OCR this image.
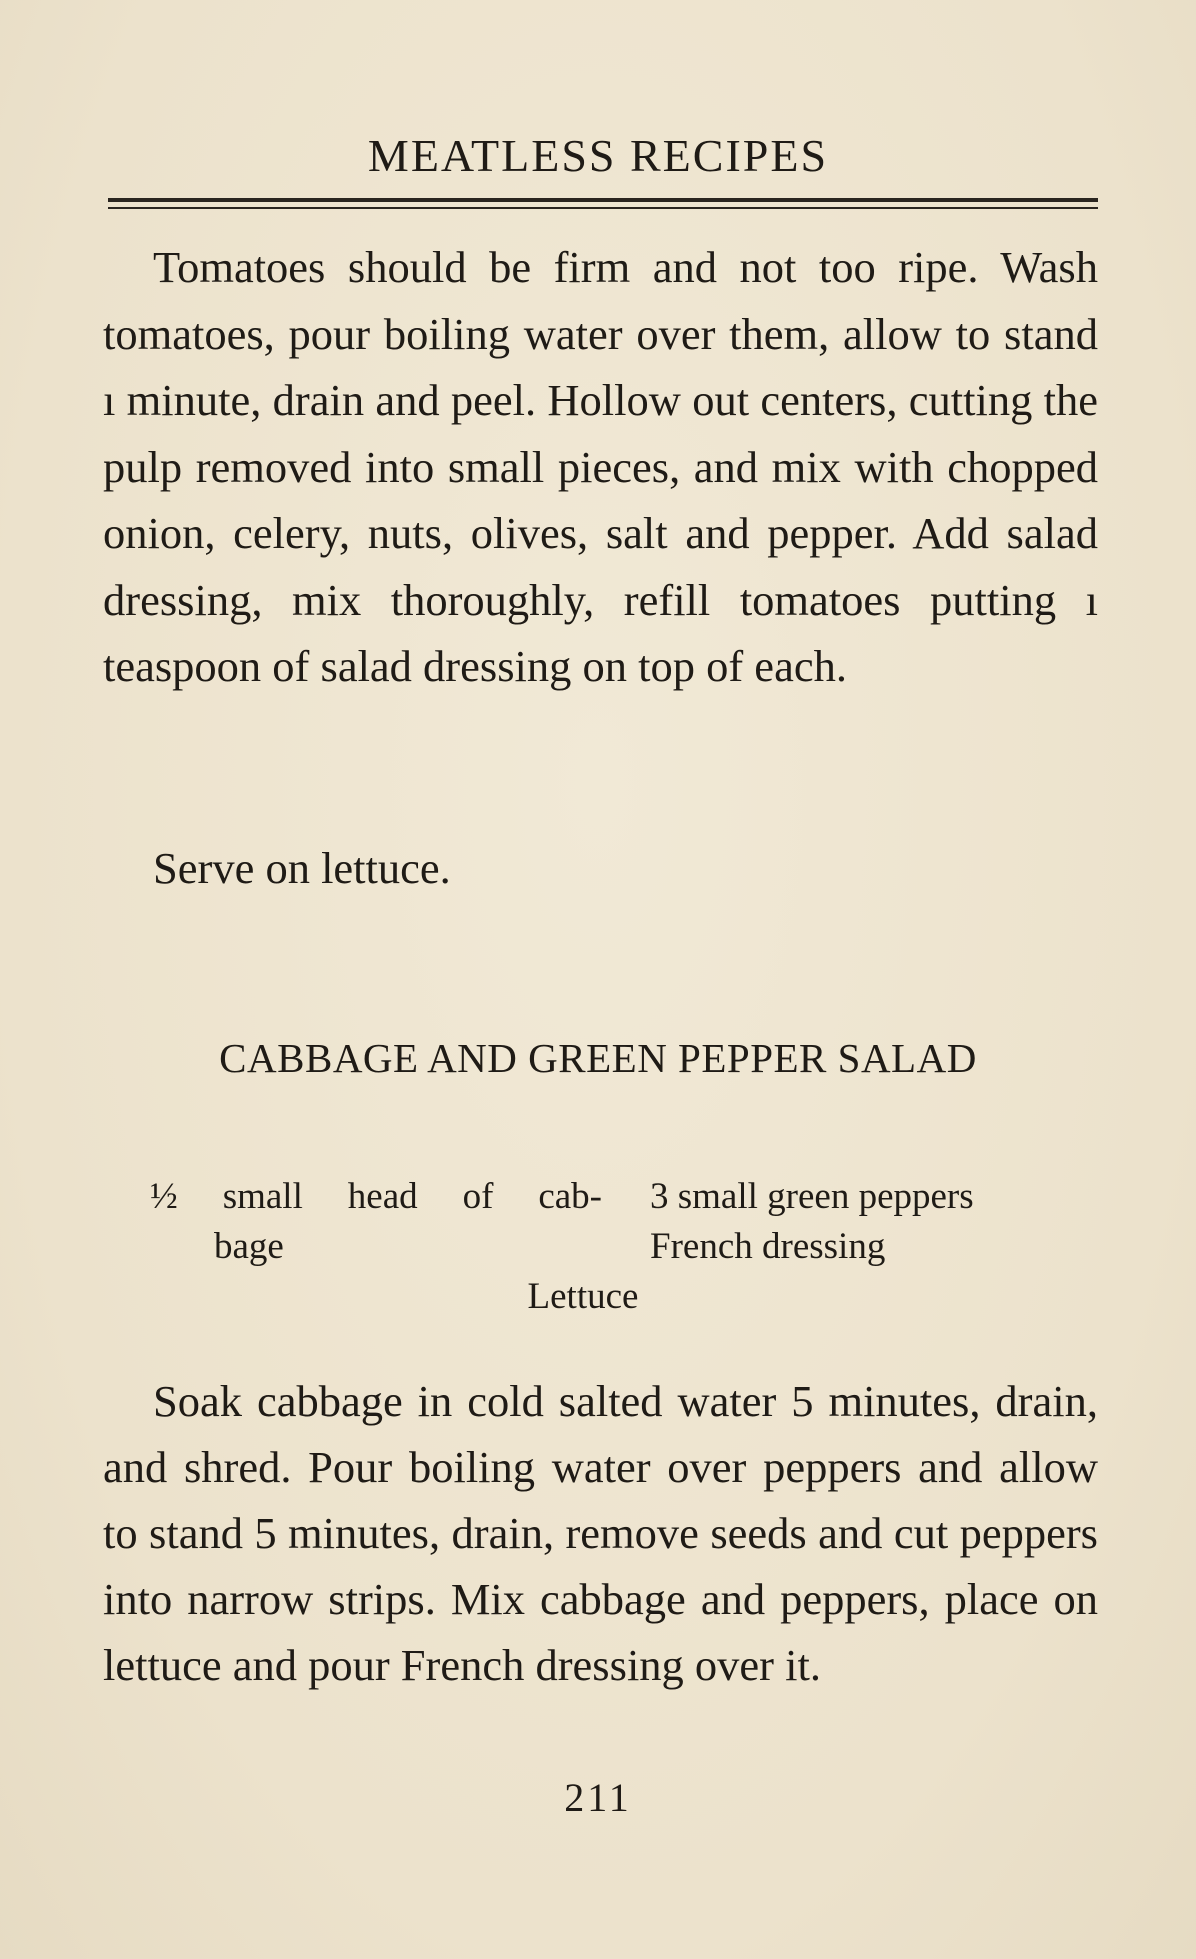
MEATLESS RECIPES

Tomatoes should be firm and not too ripe. Wash tomatoes, pour boiling water over them, allow to stand ı minute, drain and peel. Hollow out centers, cutting the pulp removed into small pieces, and mix with chopped onion, celery, nuts, olives, salt and pepper. Add salad dressing, mix thoroughly, refill tomatoes putting ı teaspoon of salad dressing on top of each.

Serve on lettuce.

CABBAGE AND GREEN PEPPER SALAD

½ small head of cab-

bage

3 small green peppers

French dressing

Lettuce

Soak cabbage in cold salted water 5 minutes, drain, and shred. Pour boiling water over peppers and allow to stand 5 minutes, drain, remove seeds and cut peppers into narrow strips. Mix cabbage and peppers, place on lettuce and pour French dressing over it.

211
